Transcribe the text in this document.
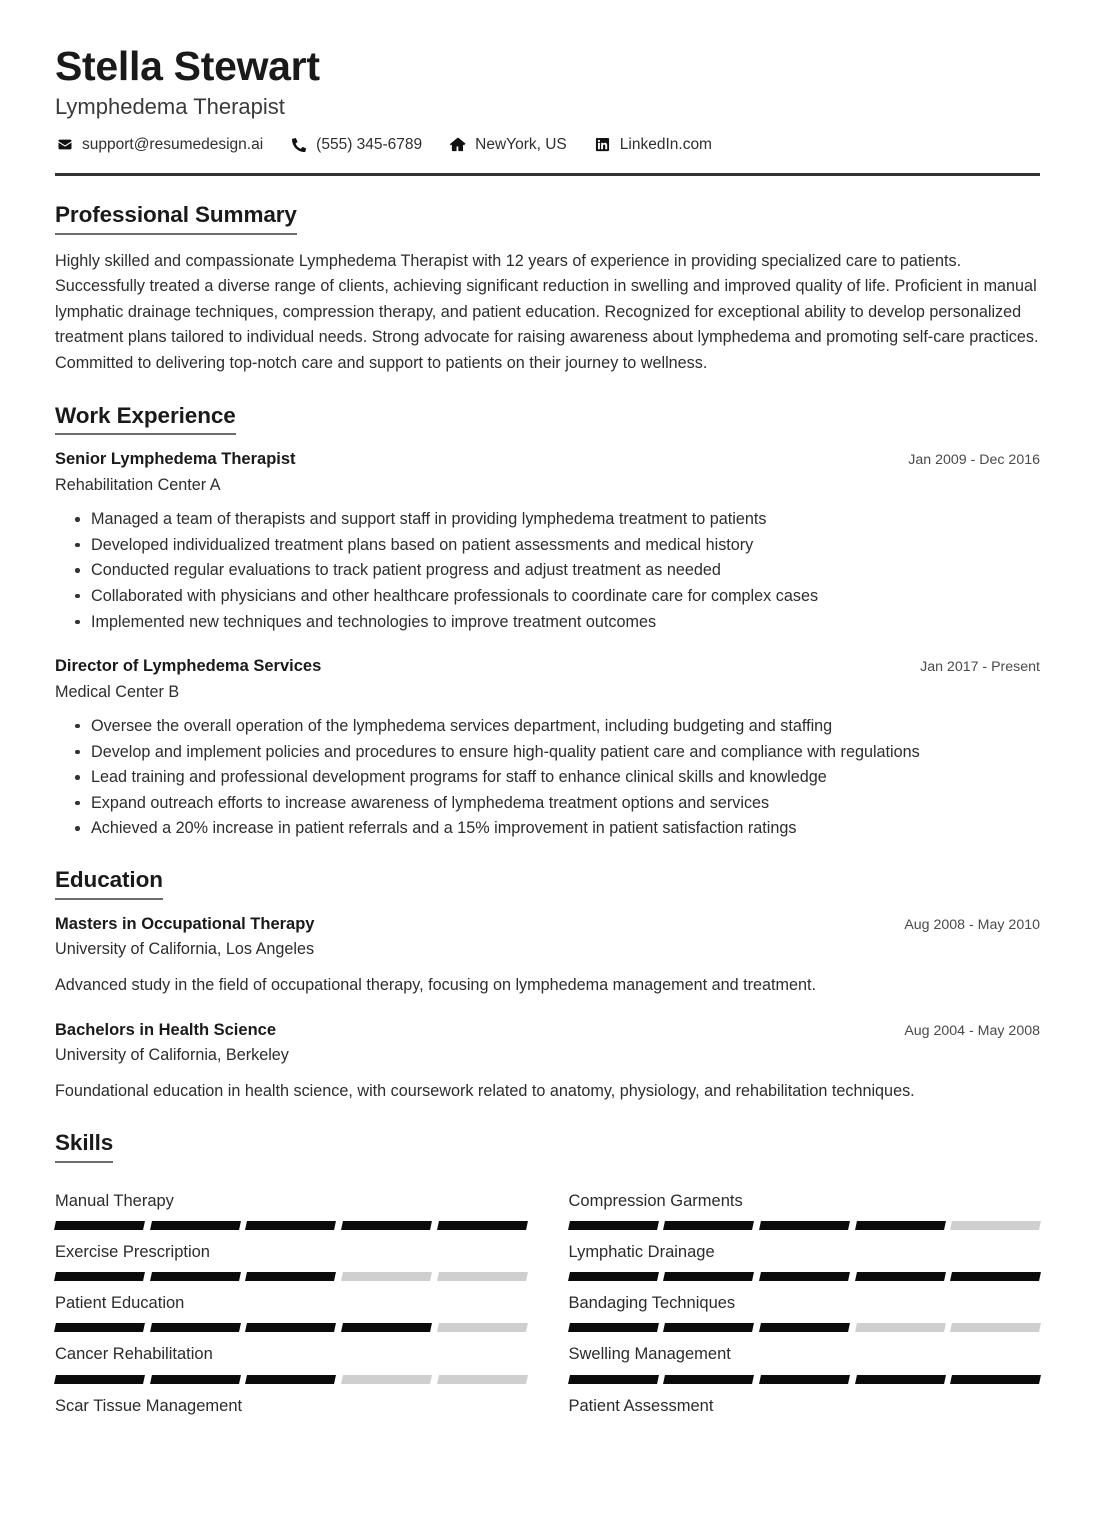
Stella Stewart
Lymphedema Therapist
support@resumedesign.ai	(555) 345-6789	NewYork, US	LinkedIn.com
Professional Summary

Highly skilled and compassionate Lymphedema Therapist with 12 years of experience in providing specialized care to patients. Successfully treated a diverse range of clients, achieving significant reduction in swelling and improved quality of life. Proficient in manual lymphatic drainage techniques, compression therapy, and patient education. Recognized for exceptional ability to develop personalized treatment plans tailored to individual needs. Strong advocate for raising awareness about lymphedema and promoting self-care practices. Committed to delivering top-notch care and support to patients on their journey to wellness.

Work Experience
Senior Lymphedema Therapist	Jan 2009 - Dec 2016
Rehabilitation Center A
Managed a team of therapists and support staff in providing lymphedema treatment to patients
Developed individualized treatment plans based on patient assessments and medical history
Conducted regular evaluations to track patient progress and adjust treatment as needed
Collaborated with physicians and other healthcare professionals to coordinate care for complex cases
Implemented new techniques and technologies to improve treatment outcomes
Director of Lymphedema Services	Jan 2017 - Present
Medical Center B
Oversee the overall operation of the lymphedema services department, including budgeting and staffing
Develop and implement policies and procedures to ensure high-quality patient care and compliance with regulations
Lead training and professional development programs for staff to enhance clinical skills and knowledge
Expand outreach efforts to increase awareness of lymphedema treatment options and services
Achieved a 20% increase in patient referrals and a 15% improvement in patient satisfaction ratings
Education
Masters in Occupational Therapy	Aug 2008 - May 2010
University of California, Los Angeles
Advanced study in the field of occupational therapy, focusing on lymphedema management and treatment.
Bachelors in Health Science	Aug 2004 - May 2008
University of California, Berkeley
Foundational education in health science, with coursework related to anatomy, physiology, and rehabilitation techniques.
Skills
Manual Therapy	Compression Garments
Exercise Prescription	Lymphatic Drainage
Patient Education	Bandaging Techniques
Cancer Rehabilitation	Swelling Management
Scar Tissue Management	Patient Assessment
